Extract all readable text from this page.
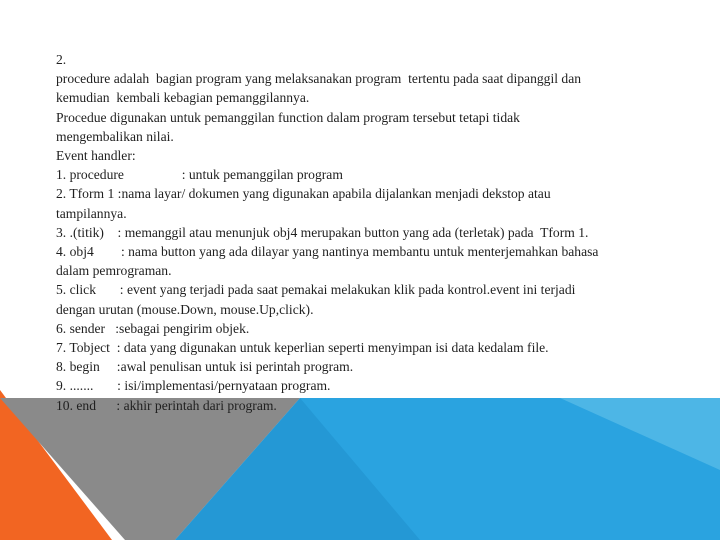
2.
procedure adalah  bagian program yang melaksanakan program  tertentu pada saat dipanggil dan
kemudian  kembali kebagian pemanggilannya.
Procedue digunakan untuk pemanggilan function dalam program tersebut tetapi tidak
mengembalikan nilai.
Event handler:
1. procedure                 : untuk pemanggilan program
2. Tform 1 :nama layar/ dokumen yang digunakan apabila dijalankan menjadi dekstop atau
tampilannya.
3. .(titik)    : memanggil atau menunjuk obj4 merupakan button yang ada (terletak) pada  Tform 1.
4. obj4        : nama button yang ada dilayar yang nantinya membantu untuk menterjemahkan bahasa
dalam pemrograman.
5. click       : event yang terjadi pada saat pemakai melakukan klik pada kontrol.event ini terjadi
dengan urutan (mouse.Down, mouse.Up,click).
6. sender   :sebagai pengirim objek.
7. Tobject  : data yang digunakan untuk keperlian seperti menyimpan isi data kedalam file.
8. begin     :awal penulisan untuk isi perintah program.
9. .......       : isi/implementasi/pernyataan program.
10. end      : akhir perintah dari program.
